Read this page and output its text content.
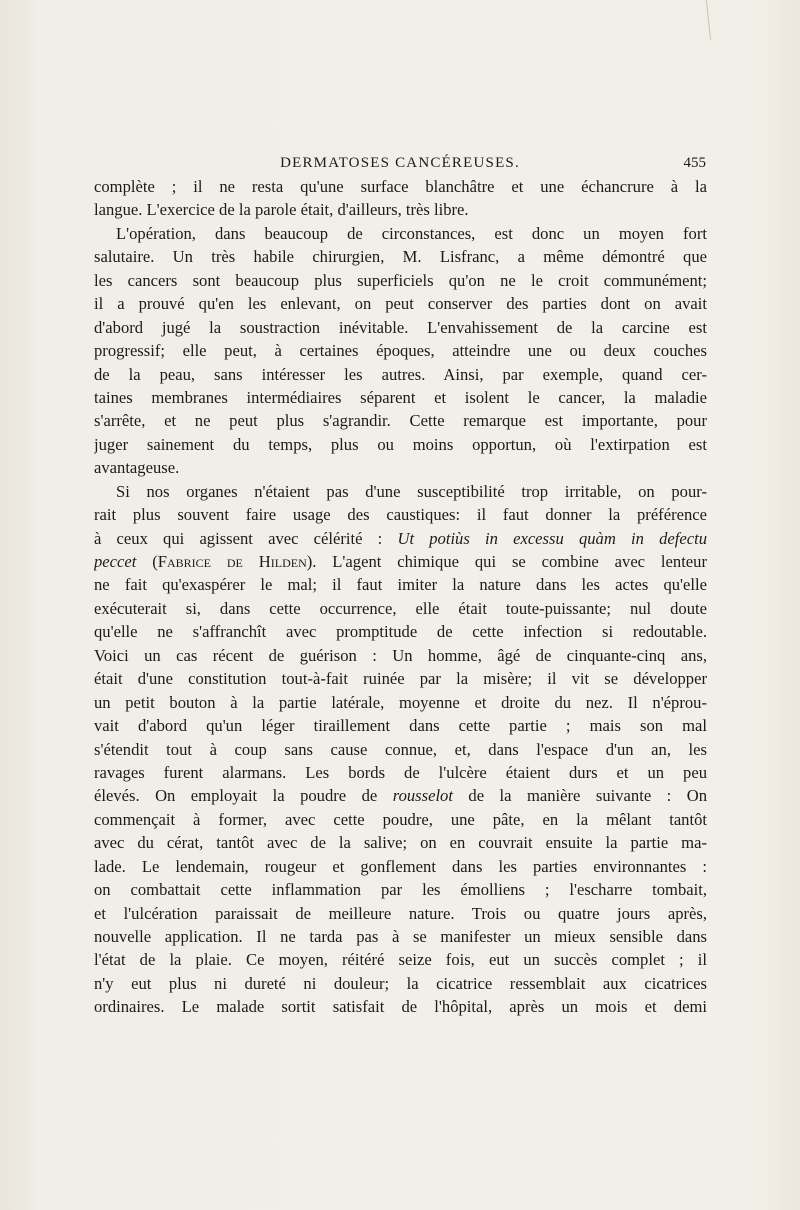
DERMATOSES CANCÉREUSES.	455
complète ; il ne resta qu'une surface blanchâtre et une échancrure à la
langue. L'exercice de la parole était, d'ailleurs, très libre.
L'opération, dans beaucoup de circonstances, est donc un moyen fort
salutaire. Un très habile chirurgien, M. Lisfranc, a même démontré que
les cancers sont beaucoup plus superficiels qu'on ne le croit communément;
il a prouvé qu'en les enlevant, on peut conserver des parties dont on avait
d'abord jugé la soustraction inévitable. L'envahissement de la carcine est
progressif; elle peut, à certaines époques, atteindre une ou deux couches
de la peau, sans intéresser les autres. Ainsi, par exemple, quand cer-
taines membranes intermédiaires séparent et isolent le cancer, la maladie
s'arrête, et ne peut plus s'agrandir. Cette remarque est importante, pour
juger sainement du temps, plus ou moins opportun, où l'extirpation est
avantageuse.
Si nos organes n'étaient pas d'une susceptibilité trop irritable, on pour-
rait plus souvent faire usage des caustiques: il faut donner la préférence
à ceux qui agissent avec célérité : Ut potiùs in excessu quàm in defectu
peccet (Fabrice de Hilden). L'agent chimique qui se combine avec lenteur
ne fait qu'exaspérer le mal; il faut imiter la nature dans les actes qu'elle
exécuterait si, dans cette occurrence, elle était toute-puissante; nul doute
qu'elle ne s'affranchît avec promptitude de cette infection si redoutable.
Voici un cas récent de guérison : Un homme, âgé de cinquante-cinq ans,
était d'une constitution tout-à-fait ruinée par la misère; il vit se développer
un petit bouton à la partie latérale, moyenne et droite du nez. Il n'éprou-
vait d'abord qu'un léger tiraillement dans cette partie ; mais son mal
s'étendit tout à coup sans cause connue, et, dans l'espace d'un an, les
ravages furent alarmans. Les bords de l'ulcère étaient durs et un peu
élevés. On employait la poudre de rousselot de la manière suivante : On
commençait à former, avec cette poudre, une pâte, en la mêlant tantôt
avec du cérat, tantôt avec de la salive; on en couvrait ensuite la partie ma-
lade. Le lendemain, rougeur et gonflement dans les parties environnantes :
on combattait cette inflammation par les émolliens ; l'escharre tombait,
et l'ulcération paraissait de meilleure nature. Trois ou quatre jours après,
nouvelle application. Il ne tarda pas à se manifester un mieux sensible dans
l'état de la plaie. Ce moyen, réitéré seize fois, eut un succès complet ; il
n'y eut plus ni dureté ni douleur; la cicatrice ressemblait aux cicatrices
ordinaires. Le malade sortit satisfait de l'hôpital, après un mois et demi
